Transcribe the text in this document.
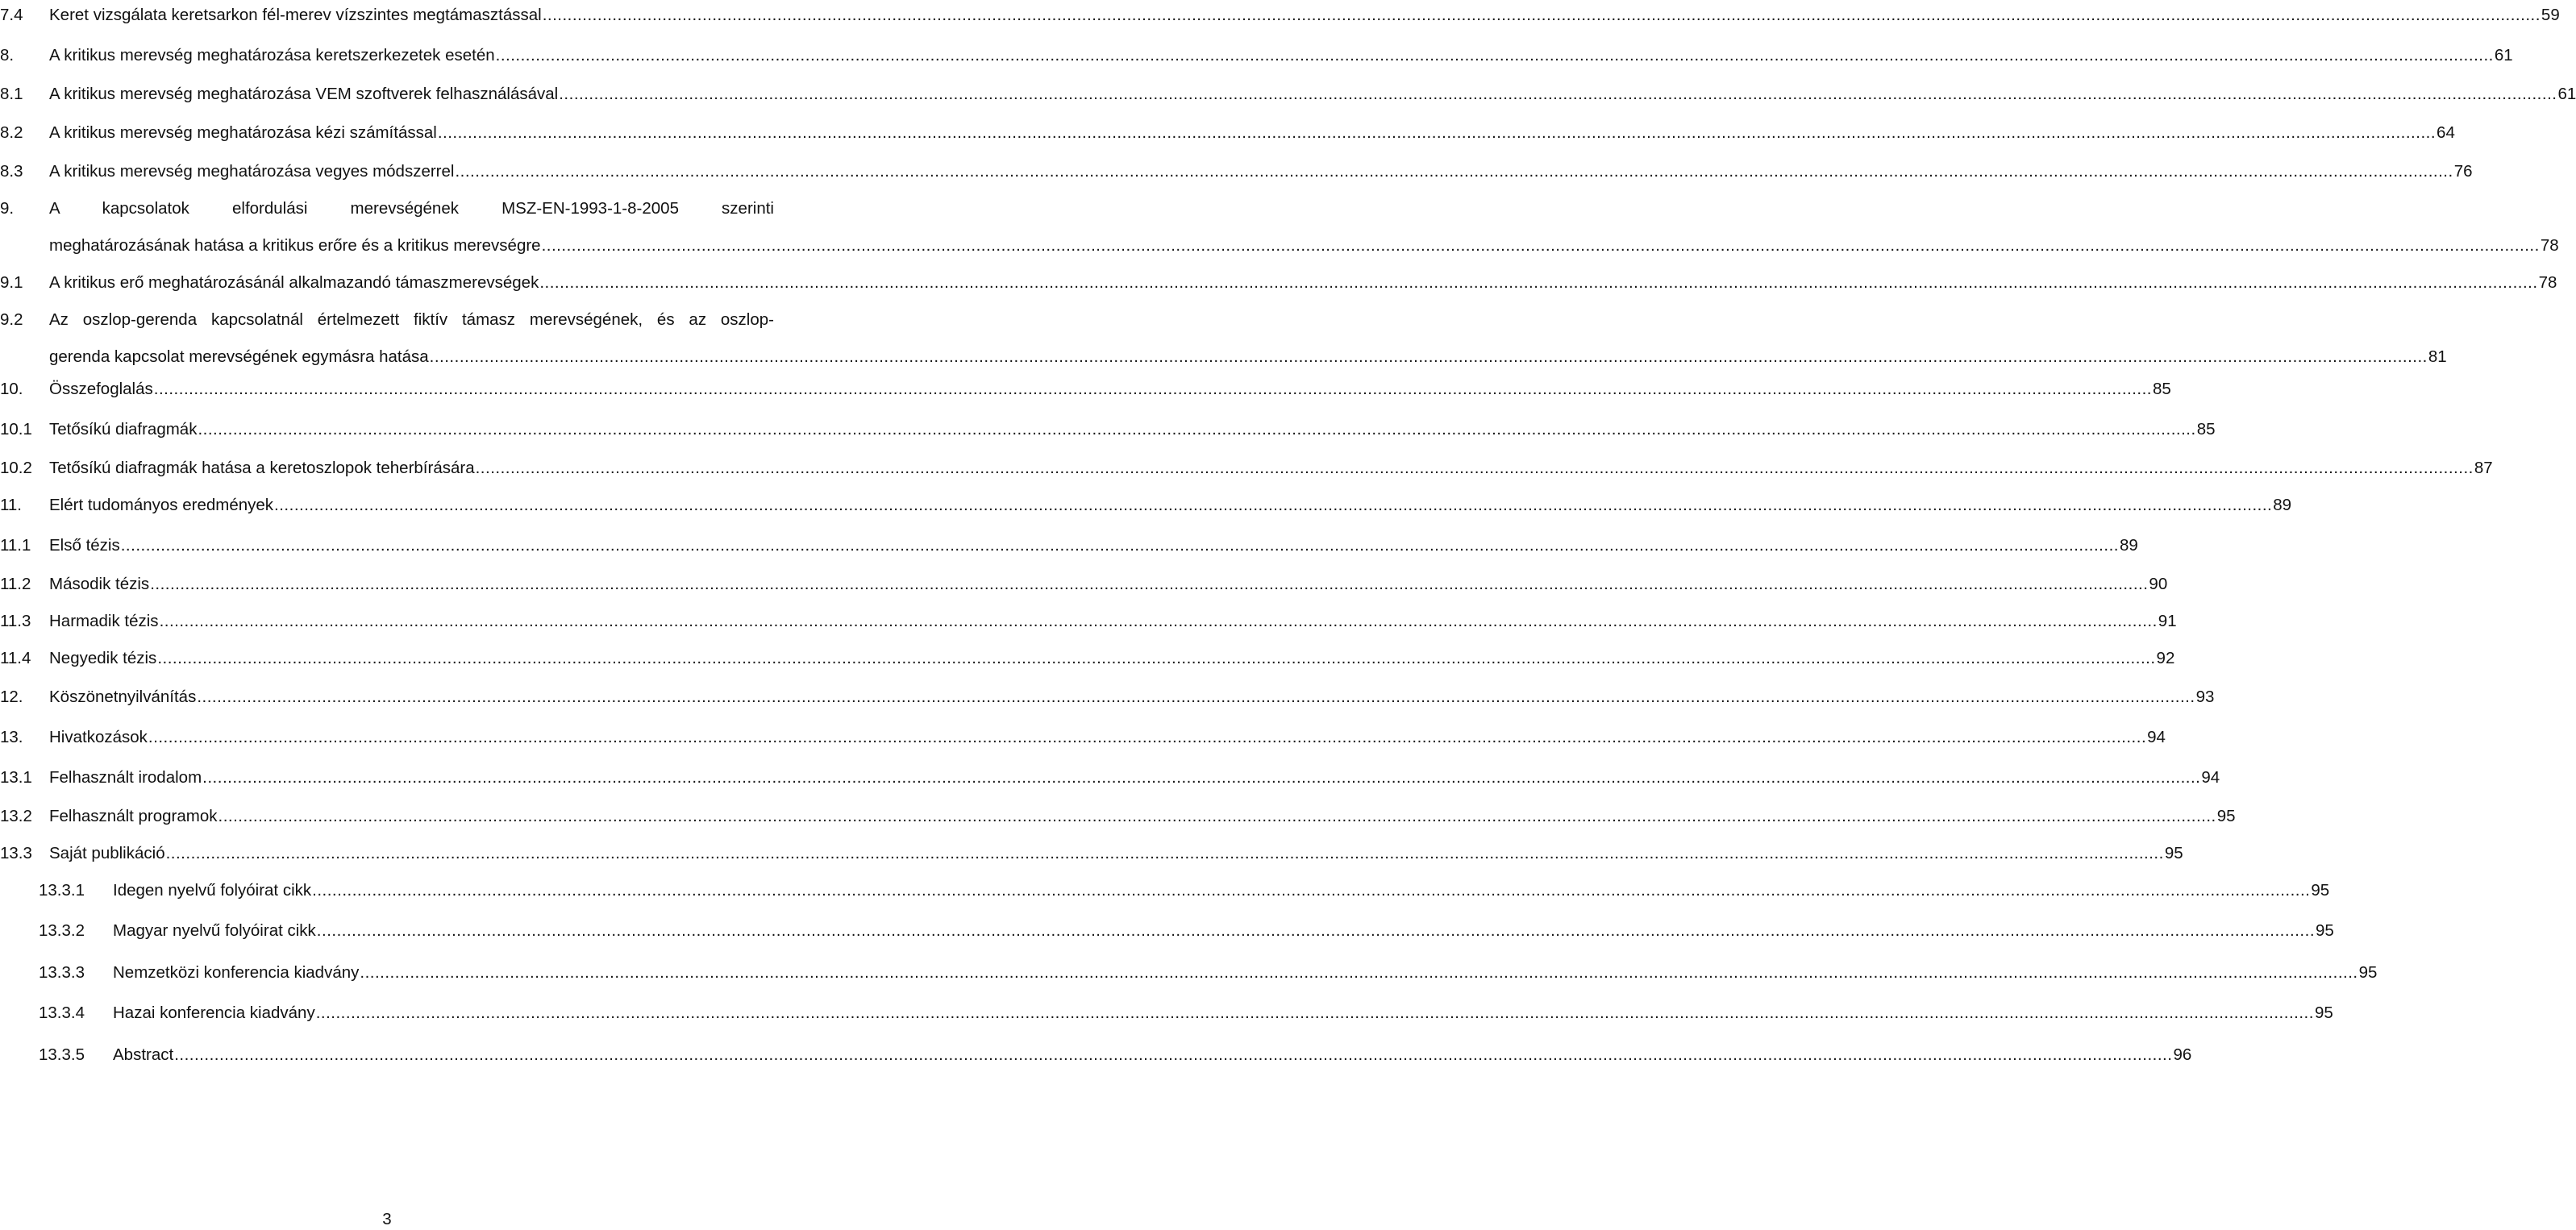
7.4 Keret vizsgálata keretsarkon fél-merev vízszintes megtámasztással ................................................................................................................................................................................................................................................................................................................................................................................................................ 59
8. A kritikus merevség meghatározása keretszerkezetek esetén ................................................................................................................................................................................................................................................................................................................................................................................................................ 61
8.1 A kritikus merevség meghatározása VEM szoftverek felhasználásával ................................................................................................................................................................................................................................................................................................................................................................................................................ 61
8.2 A kritikus merevség meghatározása kézi számítással ................................................................................................................................................................................................................................................................................................................................................................................................................ 64
8.3 A kritikus merevség meghatározása vegyes módszerrel ................................................................................................................................................................................................................................................................................................................................................................................................................ 76
9. A kapcsolatok elfordulási merevségének MSZ-EN-1993-1-8-2005 szerinti
meghatározásának hatása a kritikus erőre és a kritikus merevségre ................................................................................................................................................................................................................................................................................................................................................................................................................ 78
9.1 A kritikus erő meghatározásánál alkalmazandó támaszmerevségek ................................................................................................................................................................................................................................................................................................................................................................................................................ 78
9.2 Az oszlop-gerenda kapcsolatnál értelmezett fiktív támasz merevségének, és az oszlop-
gerenda kapcsolat merevségének egymásra hatása ................................................................................................................................................................................................................................................................................................................................................................................................................ 81
10. Összefoglalás ................................................................................................................................................................................................................................................................................................................................................................................................................ 85
10.1 Tetősíkú diafragmák ................................................................................................................................................................................................................................................................................................................................................................................................................ 85
10.2 Tetősíkú diafragmák hatása a keretoszlopok teherbírására ................................................................................................................................................................................................................................................................................................................................................................................................................ 87
11. Elért tudományos eredmények ................................................................................................................................................................................................................................................................................................................................................................................................................ 89
11.1 Első tézis ................................................................................................................................................................................................................................................................................................................................................................................................................ 89
11.2 Második tézis ................................................................................................................................................................................................................................................................................................................................................................................................................ 90
11.3 Harmadik tézis ................................................................................................................................................................................................................................................................................................................................................................................................................ 91
11.4 Negyedik tézis ................................................................................................................................................................................................................................................................................................................................................................................................................ 92
12. Köszönetnyilvánítás ................................................................................................................................................................................................................................................................................................................................................................................................................ 93
13. Hivatkozások ................................................................................................................................................................................................................................................................................................................................................................................................................ 94
13.1 Felhasznált irodalom ................................................................................................................................................................................................................................................................................................................................................................................................................ 94
13.2 Felhasznált programok ................................................................................................................................................................................................................................................................................................................................................................................................................ 95
13.3 Saját publikáció ................................................................................................................................................................................................................................................................................................................................................................................................................ 95
13.3.1 Idegen nyelvű folyóirat cikk ................................................................................................................................................................................................................................................................................................................................................................................................................ 95
13.3.2 Magyar nyelvű folyóirat cikk ................................................................................................................................................................................................................................................................................................................................................................................................................ 95
13.3.3 Nemzetközi konferencia kiadvány ................................................................................................................................................................................................................................................................................................................................................................................................................ 95
13.3.4 Hazai konferencia kiadvány ................................................................................................................................................................................................................................................................................................................................................................................................................ 95
13.3.5 Abstract ................................................................................................................................................................................................................................................................................................................................................................................................................ 96
3
